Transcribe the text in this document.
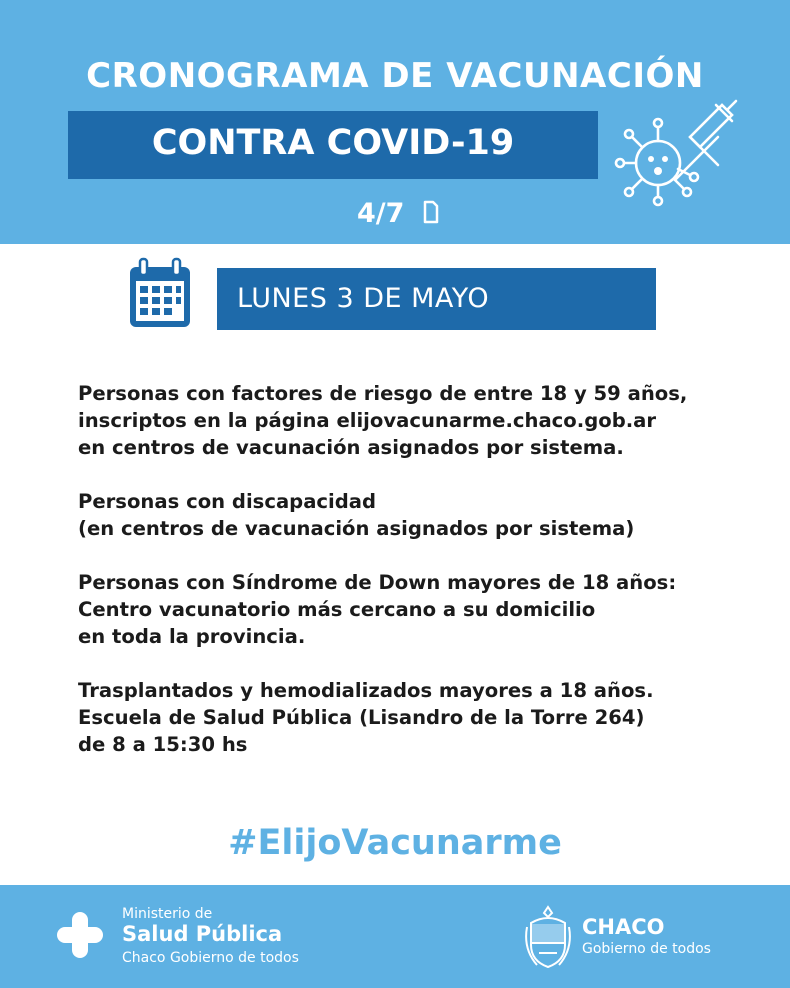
CRONOGRAMA DE VACUNACIÓN
CONTRA COVID-19
4/7
LUNES 3 DE MAYO
Personas con factores de riesgo de entre 18 y 59 años,
inscriptos en la página elijovacunarme.chaco.gob.ar
en centros de vacunación asignados por sistema.
Personas con discapacidad
(en centros de vacunación asignados por sistema)
Personas con Síndrome de Down mayores de 18 años:
Centro vacunatorio más cercano a su domicilio
en toda la provincia.
Trasplantados y hemodializados mayores a 18 años.
Escuela de Salud Pública (Lisandro de la Torre 264)
de 8 a 15:30 hs
#ElijoVacunarme
Ministerio de
Salud Pública
Chaco Gobierno de todos
CHACO
Gobierno de todos
